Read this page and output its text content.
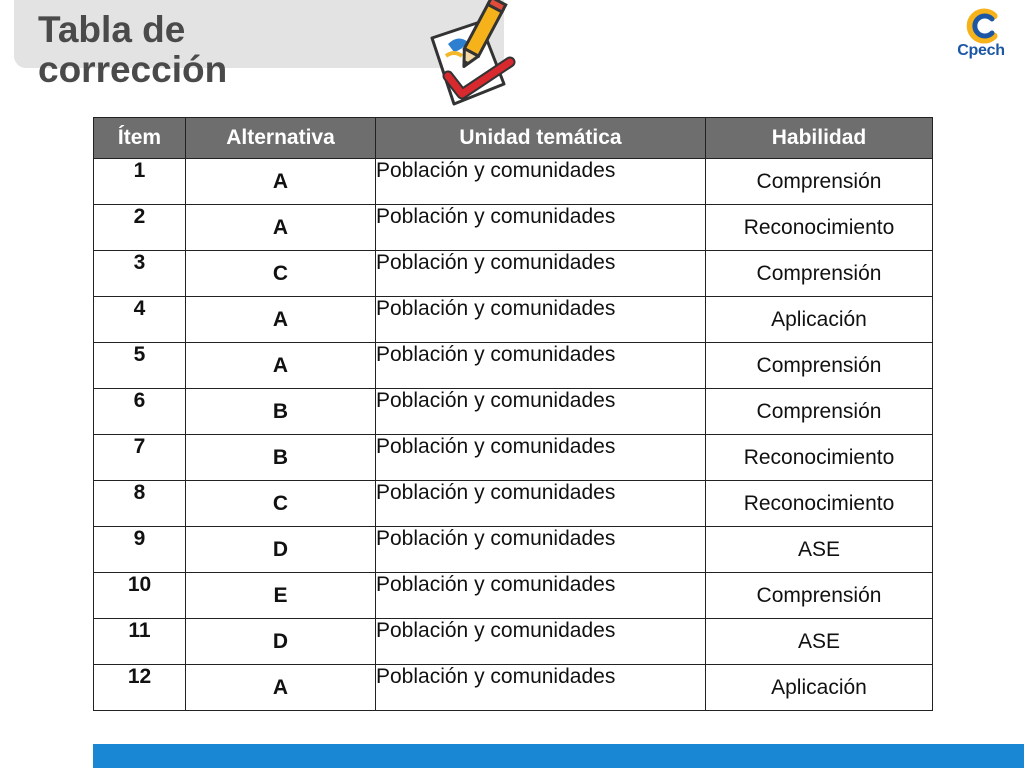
Tabla de corrección	Cpech
Ítem	Alternativa	Unidad temática	Habilidad
1	A	Población y comunidades	Comprensión
2	A	Población y comunidades	Reconocimiento
3	C	Población y comunidades	Comprensión
4	A	Población y comunidades	Aplicación
5	A	Población y comunidades	Comprensión
6	B	Población y comunidades	Comprensión
7	B	Población y comunidades	Reconocimiento
8	C	Población y comunidades	Reconocimiento
9	D	Población y comunidades	ASE
10	E	Población y comunidades	Comprensión
11	D	Población y comunidades	ASE
12	A	Población y comunidades	Aplicación
